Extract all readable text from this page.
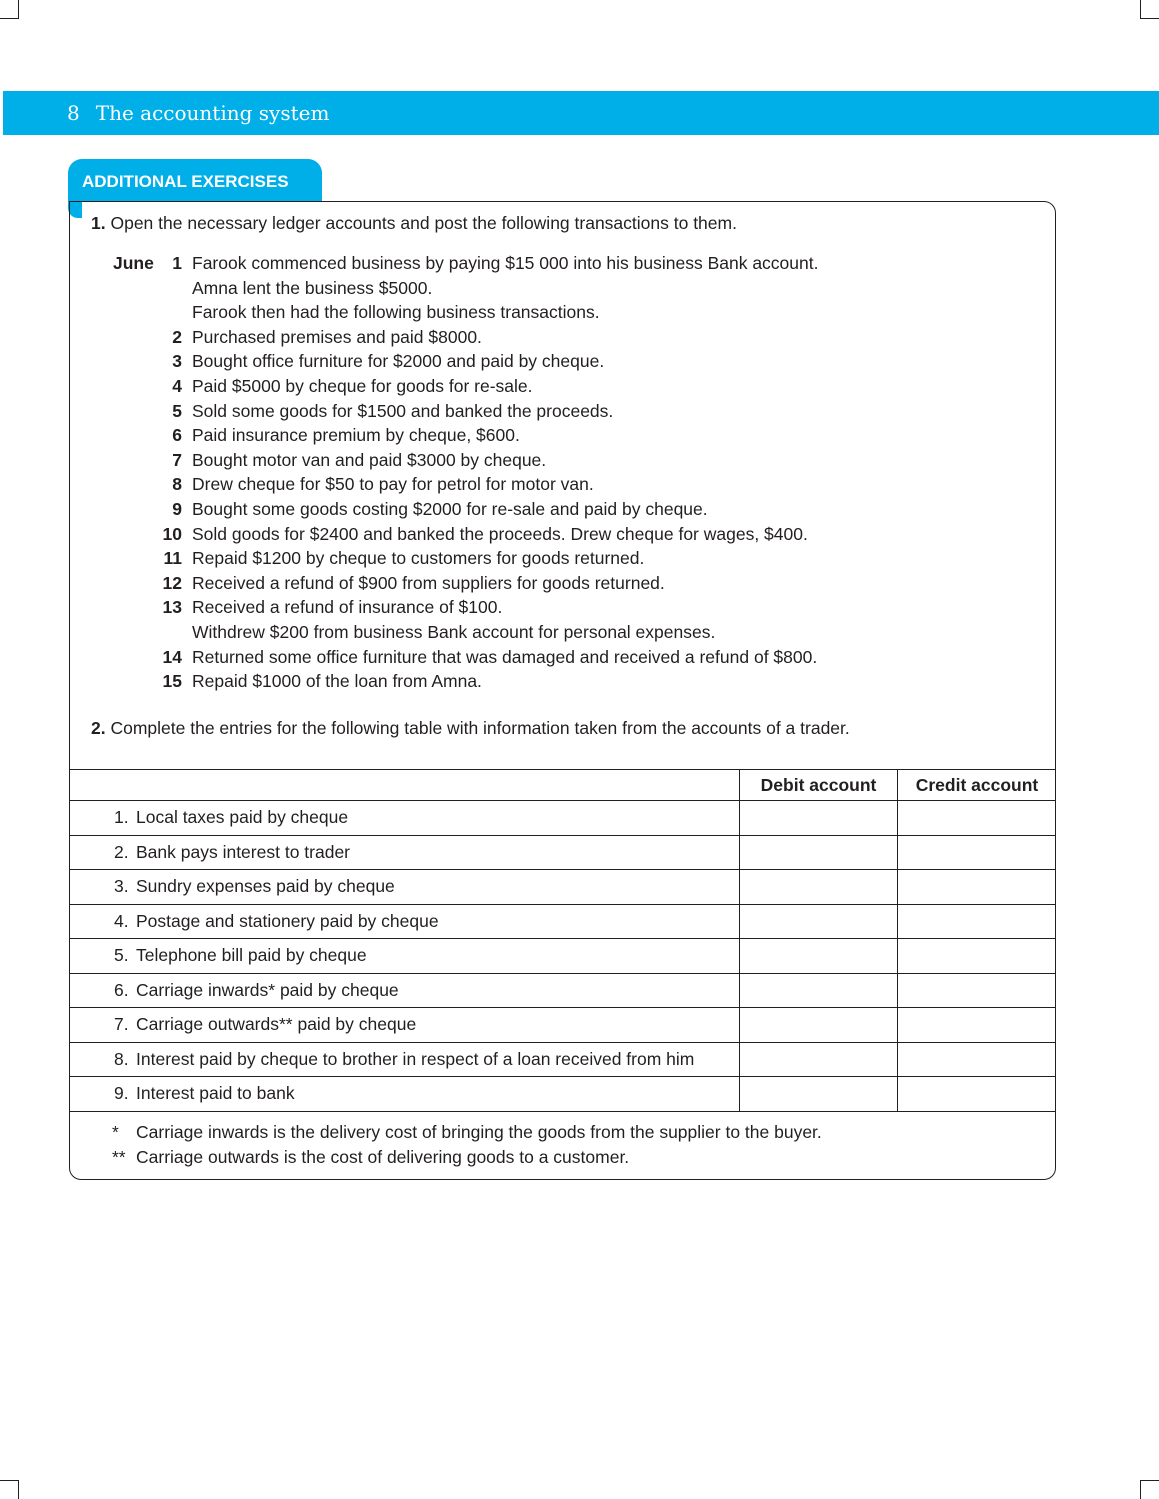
8 The accounting system
ADDITIONAL EXERCISES
1. Open the necessary ledger accounts and post the following transactions to them.
June	1 Farook commenced business by paying $15 000 into his business Bank account.
Amna lent the business $5000.
Farook then had the following business transactions.
2 Purchased premises and paid $8000.
3 Bought office furniture for $2000 and paid by cheque.
4 Paid $5000 by cheque for goods for re-sale.
5 Sold some goods for $1500 and banked the proceeds.
6 Paid insurance premium by cheque, $600.
7 Bought motor van and paid $3000 by cheque.
8 Drew cheque for $50 to pay for petrol for motor van.
9 Bought some goods costing $2000 for re-sale and paid by cheque.
10 Sold goods for $2400 and banked the proceeds. Drew cheque for wages, $400.
11 Repaid $1200 by cheque to customers for goods returned.
12 Received a refund of $900 from suppliers for goods returned.
13 Received a refund of insurance of $100.
Withdrew $200 from business Bank account for personal expenses.
14 Returned some office furniture that was damaged and received a refund of $800.
15 Repaid $1000 of the loan from Amna.
2. Complete the entries for the following table with information taken from the accounts of a trader.
Debit account	Credit account
1. Local taxes paid by cheque
2. Bank pays interest to trader
3. Sundry expenses paid by cheque
4. Postage and stationery paid by cheque
5. Telephone bill paid by cheque
6. Carriage inwards* paid by cheque
7. Carriage outwards** paid by cheque
8. Interest paid by cheque to brother in respect of a loan received from him
9. Interest paid to bank
* Carriage inwards is the delivery cost of bringing the goods from the supplier to the buyer.
** Carriage outwards is the cost of delivering goods to a customer.
